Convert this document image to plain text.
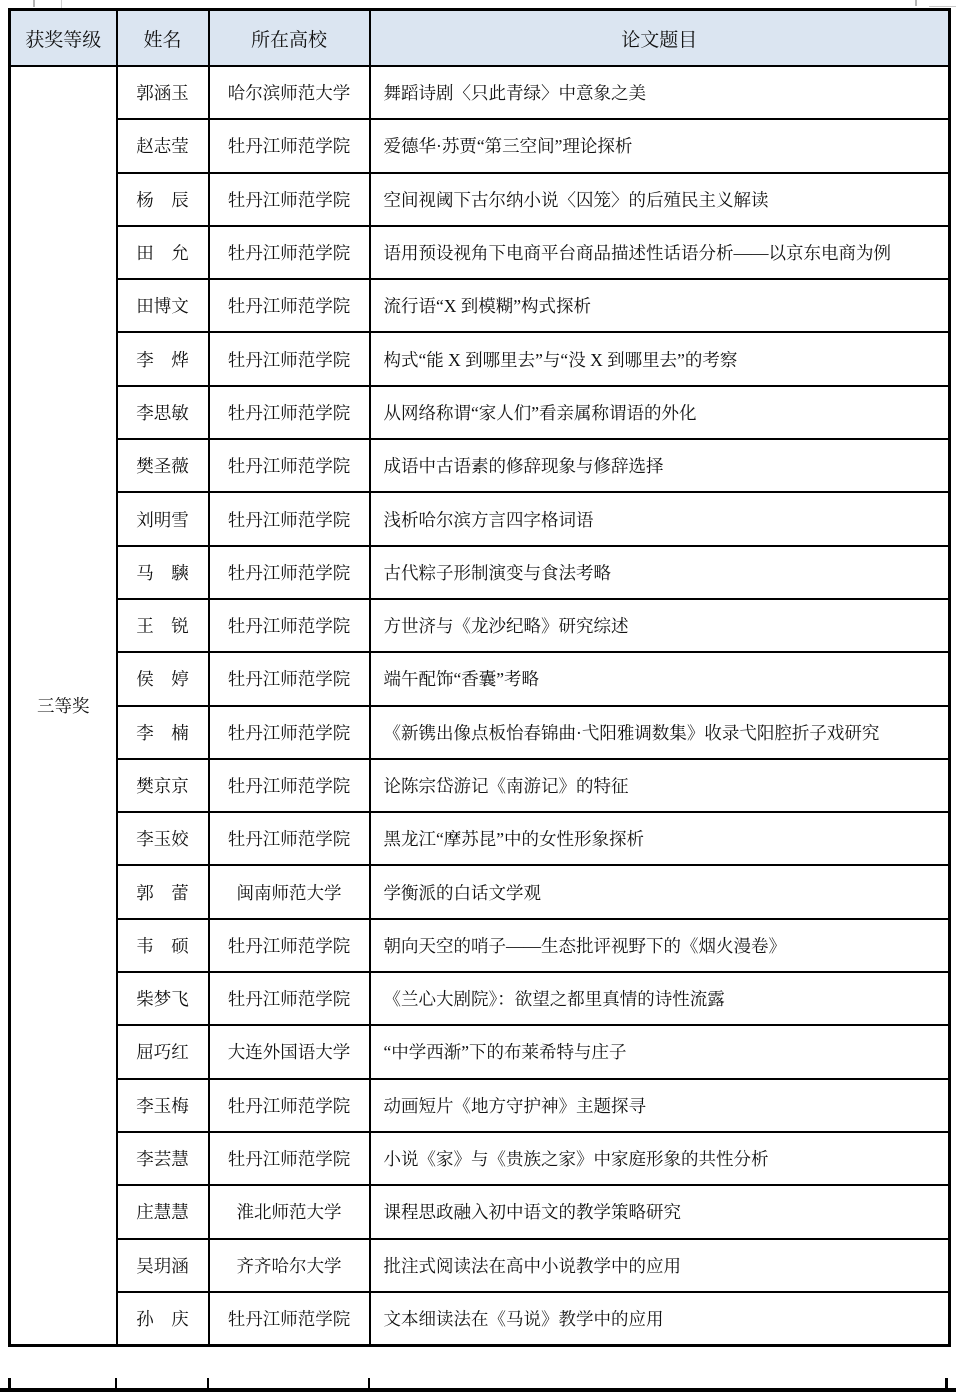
获奖等级	姓名	所在高校	论文题目
三等奖	郭涵玉	哈尔滨师范大学	舞蹈诗剧〈只此青绿〉中意象之美
	赵志莹	牡丹江师范学院	爱德华·苏贾“第三空间”理论探析
	杨　辰	牡丹江师范学院	空间视阈下古尔纳小说〈囚笼〉的后殖民主义解读
	田　允	牡丹江师范学院	语用预设视角下电商平台商品描述性话语分析——以京东电商为例
	田博文	牡丹江师范学院	流行语“X 到模糊”构式探析
	李　烨	牡丹江师范学院	构式“能 X 到哪里去”与“没 X 到哪里去”的考察
	李思敏	牡丹江师范学院	从网络称谓“家人们”看亲属称谓语的外化
	樊圣薇	牡丹江师范学院	成语中古语素的修辞现象与修辞选择
	刘明雪	牡丹江师范学院	浅析哈尔滨方言四字格词语
	马　騻	牡丹江师范学院	古代粽子形制演变与食法考略
	王　锐	牡丹江师范学院	方世济与《龙沙纪略》研究综述
	侯　婷	牡丹江师范学院	端午配饰“香囊”考略
	李　楠	牡丹江师范学院	《新镌出像点板怡春锦曲·弋阳雅调数集》收录弋阳腔折子戏研究
	樊京京	牡丹江师范学院	论陈宗岱游记《南游记》的特征
	李玉姣	牡丹江师范学院	黑龙江“摩苏昆”中的女性形象探析
	郭　蕾	闽南师范大学	学衡派的白话文学观
	韦　硕	牡丹江师范学院	朝向天空的哨子——生态批评视野下的《烟火漫卷》
	柴梦飞	牡丹江师范学院	《兰心大剧院》：欲望之都里真情的诗性流露
	屈巧红	大连外国语大学	“中学西渐”下的布莱希特与庄子
	李玉梅	牡丹江师范学院	动画短片《地方守护神》主题探寻
	李芸慧	牡丹江师范学院	小说《家》与《贵族之家》中家庭形象的共性分析
	庄慧慧	淮北师范大学	课程思政融入初中语文的教学策略研究
	吴玥涵	齐齐哈尔大学	批注式阅读法在高中小说教学中的应用
	孙　庆	牡丹江师范学院	文本细读法在《马说》教学中的应用
